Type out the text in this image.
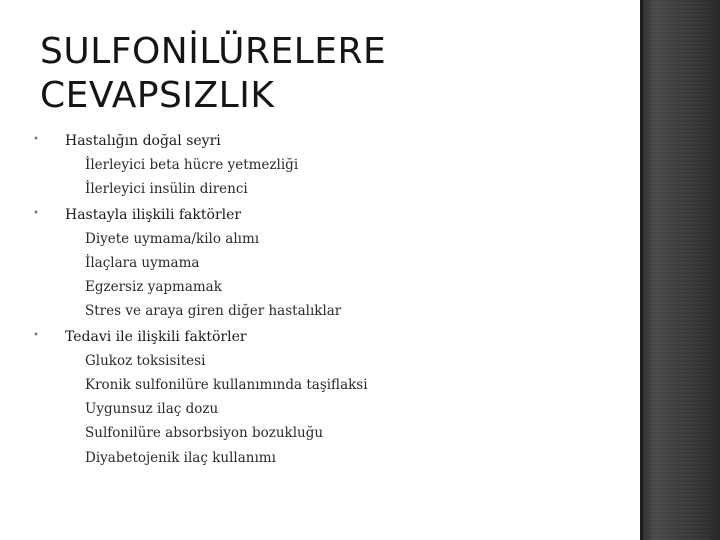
SULFONİLÜRELERE
CEVAPSIZLIK
• Hastalığın doğal seyri
İlerleyici beta hücre yetmezliği
İlerleyici insülin direnci
• Hastayla ilişkili faktörler
Diyete uymama/kilo alımı
İlaçlara uymama
Egzersiz yapmamak
Stres ve araya giren diğer hastalıklar
• Tedavi ile ilişkili faktörler
Glukoz toksisitesi
Kronik sulfonilüre kullanımında taşiflaksi
Uygunsuz ilaç dozu
Sulfonilüre absorbsiyon bozukluğu
Diyabetojenik ilaç kullanımı
